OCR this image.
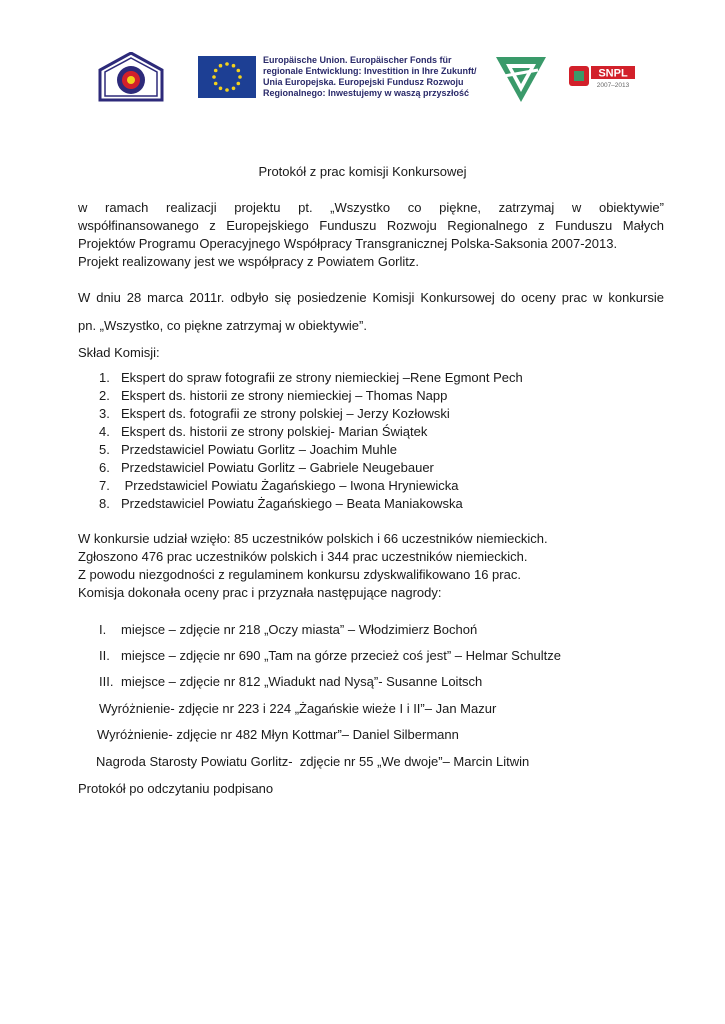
Europäische Union. Europäischer Fonds für
regionale Entwicklung: Investition in Ihre Zukunft/
Unia Europejska. Europejski Fundusz Rozwoju
Regionalnego: Inwestujemy w waszą przyszłość
SNPL
2007–2013
Protokół z prac komisji Konkursowej
w ramach realizacji projektu pt. „Wszystko co piękne, zatrzymaj w obiektywie”
współfinansowanego z Europejskiego Funduszu Rozwoju Regionalnego z Funduszu Małych
Projektów Programu Operacyjnego Współpracy Transgranicznej Polska-Saksonia 2007-2013.
Projekt realizowany jest we współpracy z Powiatem Gorlitz.
W dniu 28 marca 2011r. odbyło się posiedzenie Komisji Konkursowej do oceny prac w konkursie
pn. „Wszystko, co piękne zatrzymaj w obiektywie”.
Skład Komisji:
1. Ekspert do spraw fotografii ze strony niemieckiej –Rene Egmont Pech
2. Ekspert ds. historii ze strony niemieckiej – Thomas Napp
3. Ekspert ds. fotografii ze strony polskiej – Jerzy Kozłowski
4. Ekspert ds. historii ze strony polskiej- Marian Świątek
5. Przedstawiciel Powiatu Gorlitz – Joachim Muhle
6. Przedstawiciel Powiatu Gorlitz – Gabriele Neugebauer
7. Przedstawiciel Powiatu Żagańskiego – Iwona Hryniewicka
8. Przedstawiciel Powiatu Żagańskiego – Beata Maniakowska
W konkursie udział wzięło: 85 uczestników polskich i 66 uczestników niemieckich.
Zgłoszono 476 prac uczestników polskich i 344 prac uczestników niemieckich.
Z powodu niezgodności z regulaminem konkursu zdyskwalifikowano 16 prac.
Komisja dokonała oceny prac i przyznała następujące nagrody:
I. miejsce – zdjęcie nr 218 „Oczy miasta” – Włodzimierz Bochoń
II. miejsce – zdjęcie nr 690 „Tam na górze przecież coś jest” – Helmar Schultze
III. miejsce – zdjęcie nr 812 „Wiadukt nad Nysą”- Susanne Loitsch
Wyróżnienie- zdjęcie nr 223 i 224 „Żagańskie wieże I i II”– Jan Mazur
Wyróżnienie- zdjęcie nr 482 Młyn Kottmar”– Daniel Silbermann
Nagroda Starosty Powiatu Gorlitz-  zdjęcie nr 55 „We dwoje”– Marcin Litwin
Protokół po odczytaniu podpisano
